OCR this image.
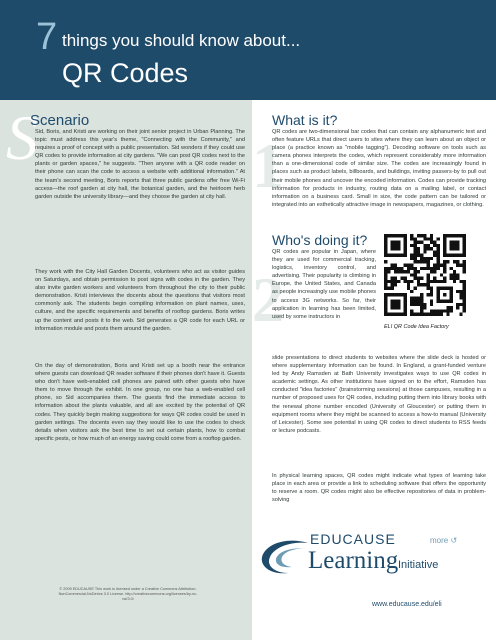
7 things you should know about...
QR Codes
S
Scenario

Sid, Boris, and Kristi are working on their joint senior project in Urban Planning. The topic must address this year's theme, "Connecting with the Community," and requires a proof of concept with a public presentation. Sid wonders if they could use QR codes to provide information at city gardens. "We can post QR codes next to the plants or garden spaces," he suggests. "Then anyone with a QR code reader on their phone can scan the code to access a website with additional information." At the team's second meeting, Boris reports that three public gardens offer free Wi-Fi access—the roof garden at city hall, the botanical garden, and the heirloom herb garden outside the university library—and they choose the garden at city hall.

They work with the City Hall Garden Docents, volunteers who act as visitor guides on Saturdays, and obtain permission to post signs with codes in the garden. They also invite garden workers and volunteers from throughout the city to their public demonstration. Kristi interviews the docents about the questions that visitors most commonly ask. The students begin compiling information on plant names, uses, culture, and the specific requirements and benefits of rooftop gardens. Boris writes up the content and posts it to the web. Sid generates a QR code for each URL or information module and posts them around the garden.

On the day of demonstration, Boris and Kristi set up a booth near the entrance where guests can download QR reader software if their phones don't have it. Guests who don't have web-enabled cell phones are paired with other guests who have them to move through the exhibit. In one group, no one has a web-enabled cell phone, so Sid accompanies them. The guests find the immediate access to information about the plants valuable, and all are excited by the potential of QR codes. They quickly begin making suggestions for ways QR codes could be used in garden settings. The docents even say they would like to use the codes to check details when visitors ask the best time to set out certain plants, how to combat specific pests, or how much of an energy saving could come from a rooftop garden.

© 2009 EDUCAUSE This work is licensed under a Creative Commons Attribution-NonCommercial-NoDerivs 3.0 License. http://creativecommons.org/licenses/by-nc-nd/3.0/
1
What is it?

QR codes are two-dimensional bar codes that can contain any alphanumeric text and often feature URLs that direct users to sites where they can learn about an object or place (a practice known as "mobile tagging"). Decoding software on tools such as camera phones interprets the codes, which represent considerably more information than a one-dimensional code of similar size. The codes are increasingly found in places such as product labels, billboards, and buildings, inviting passers-by to pull out their mobile phones and uncover the encoded information. Codes can provide tracking information for products in industry, routing data on a mailing label, or contact information on a business card. Small in size, the code pattern can be tailored or integrated into an esthetically attractive image in newspapers, magazines, or clothing.

2
Who's doing it?

QR codes are popular in Japan, where they are used for commercial tracking, logistics, inventory control, and advertising. Their popularity is climbing in Europe, the United States, and Canada as people increasingly use mobile phones to access 3G networks. So far, their application in learning has been limited, used by some instructors in

ELI QR Code Idea Factory

slide presentations to direct students to websites where the slide deck is hosted or where supplementary information can be found. In England, a grant-funded venture led by Andy Ramsden at Bath University investigates ways to use QR codes in academic settings. As other institutions have signed on to the effort, Ramsden has conducted "idea factories" (brainstorming sessions) at those campuses, resulting in a number of proposed uses for QR codes, including putting them into library books with the renewal phone number encoded (University of Gloucester) or putting them in equipment rooms where they might be scanned to access a how-to manual (University of Leicester). Some see potential in using QR codes to direct students to RSS feeds or lecture podcasts.

In physical learning spaces, QR codes might indicate what types of learning take place in each area or provide a link to scheduling software that offers the opportunity to reserve a room. QR codes might also be effective repositories of data in problem-solving

more ↺
EDUCAUSE
Learning Initiative
www.educause.edu/eli
